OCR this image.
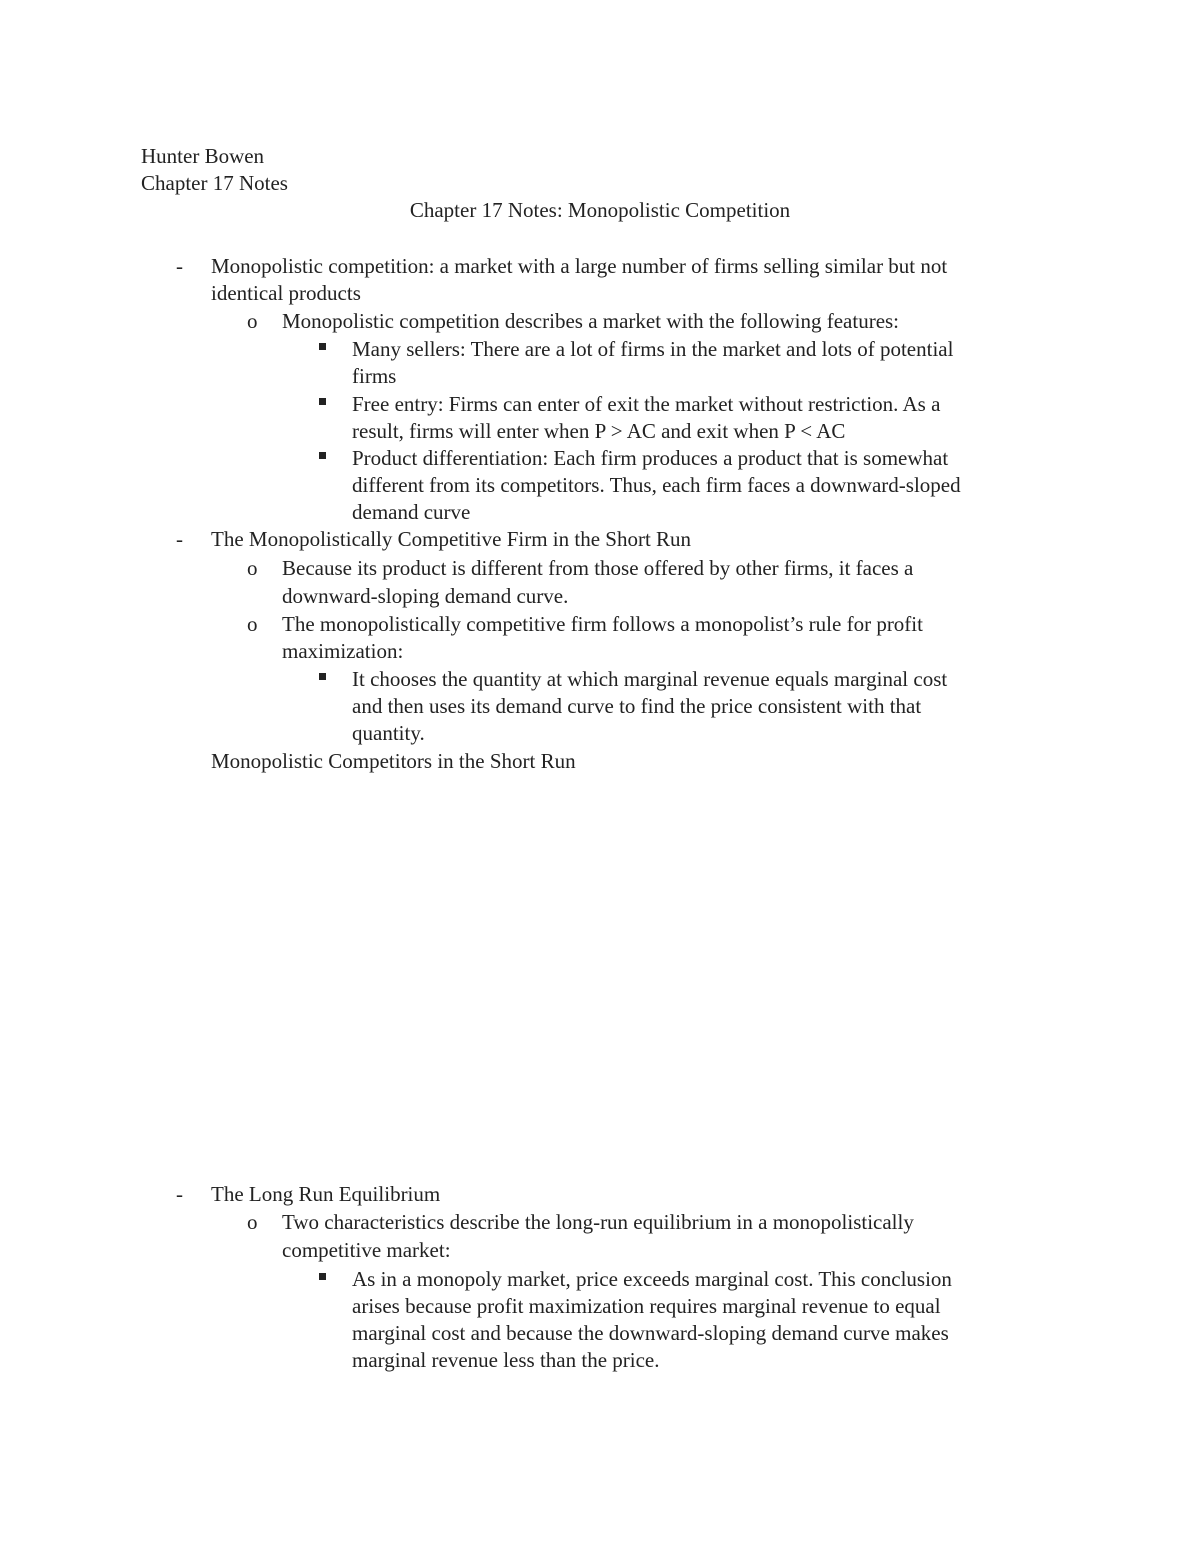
Hunter Bowen
Chapter 17 Notes
Chapter 17 Notes: Monopolistic Competition
- Monopolistic competition: a market with a large number of firms selling similar but not
identical products
o Monopolistic competition describes a market with the following features:
Many sellers: There are a lot of firms in the market and lots of potential
firms
Free entry: Firms can enter of exit the market without restriction. As a
result, firms will enter when P > AC and exit when P < AC
Product differentiation: Each firm produces a product that is somewhat
different from its competitors. Thus, each firm faces a downward-sloped
demand curve
- The Monopolistically Competitive Firm in the Short Run
o Because its product is different from those offered by other firms, it faces a
downward-sloping demand curve.
o The monopolistically competitive firm follows a monopolist’s rule for profit
maximization:
It chooses the quantity at which marginal revenue equals marginal cost
and then uses its demand curve to find the price consistent with that
quantity.
Monopolistic Competitors in the Short Run
- The Long Run Equilibrium
o Two characteristics describe the long-run equilibrium in a monopolistically
competitive market:
As in a monopoly market, price exceeds marginal cost. This conclusion
arises because profit maximization requires marginal revenue to equal
marginal cost and because the downward-sloping demand curve makes
marginal revenue less than the price.
